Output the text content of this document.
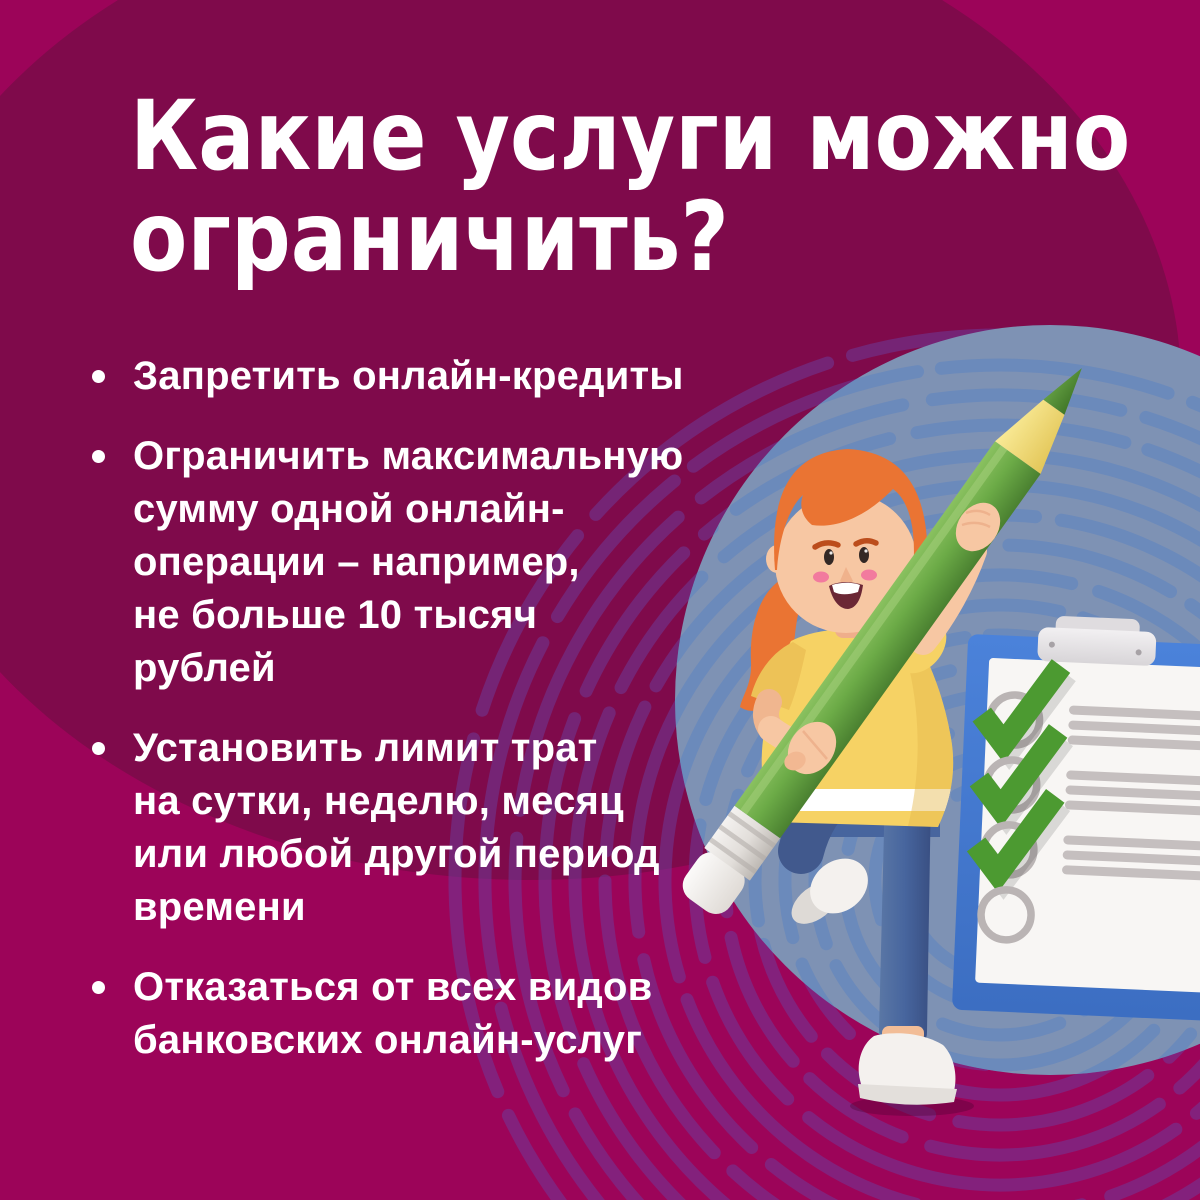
Какие услуги можно
ограничить?
Запретить онлайн-кредиты
Ограничить максимальную
сумму одной онлайн-
операции – например,
не больше 10 тысяч
рублей
Установить лимит трат
на сутки, неделю, месяц
или любой другой период
времени
Отказаться от всех видов
банковских онлайн-услуг
